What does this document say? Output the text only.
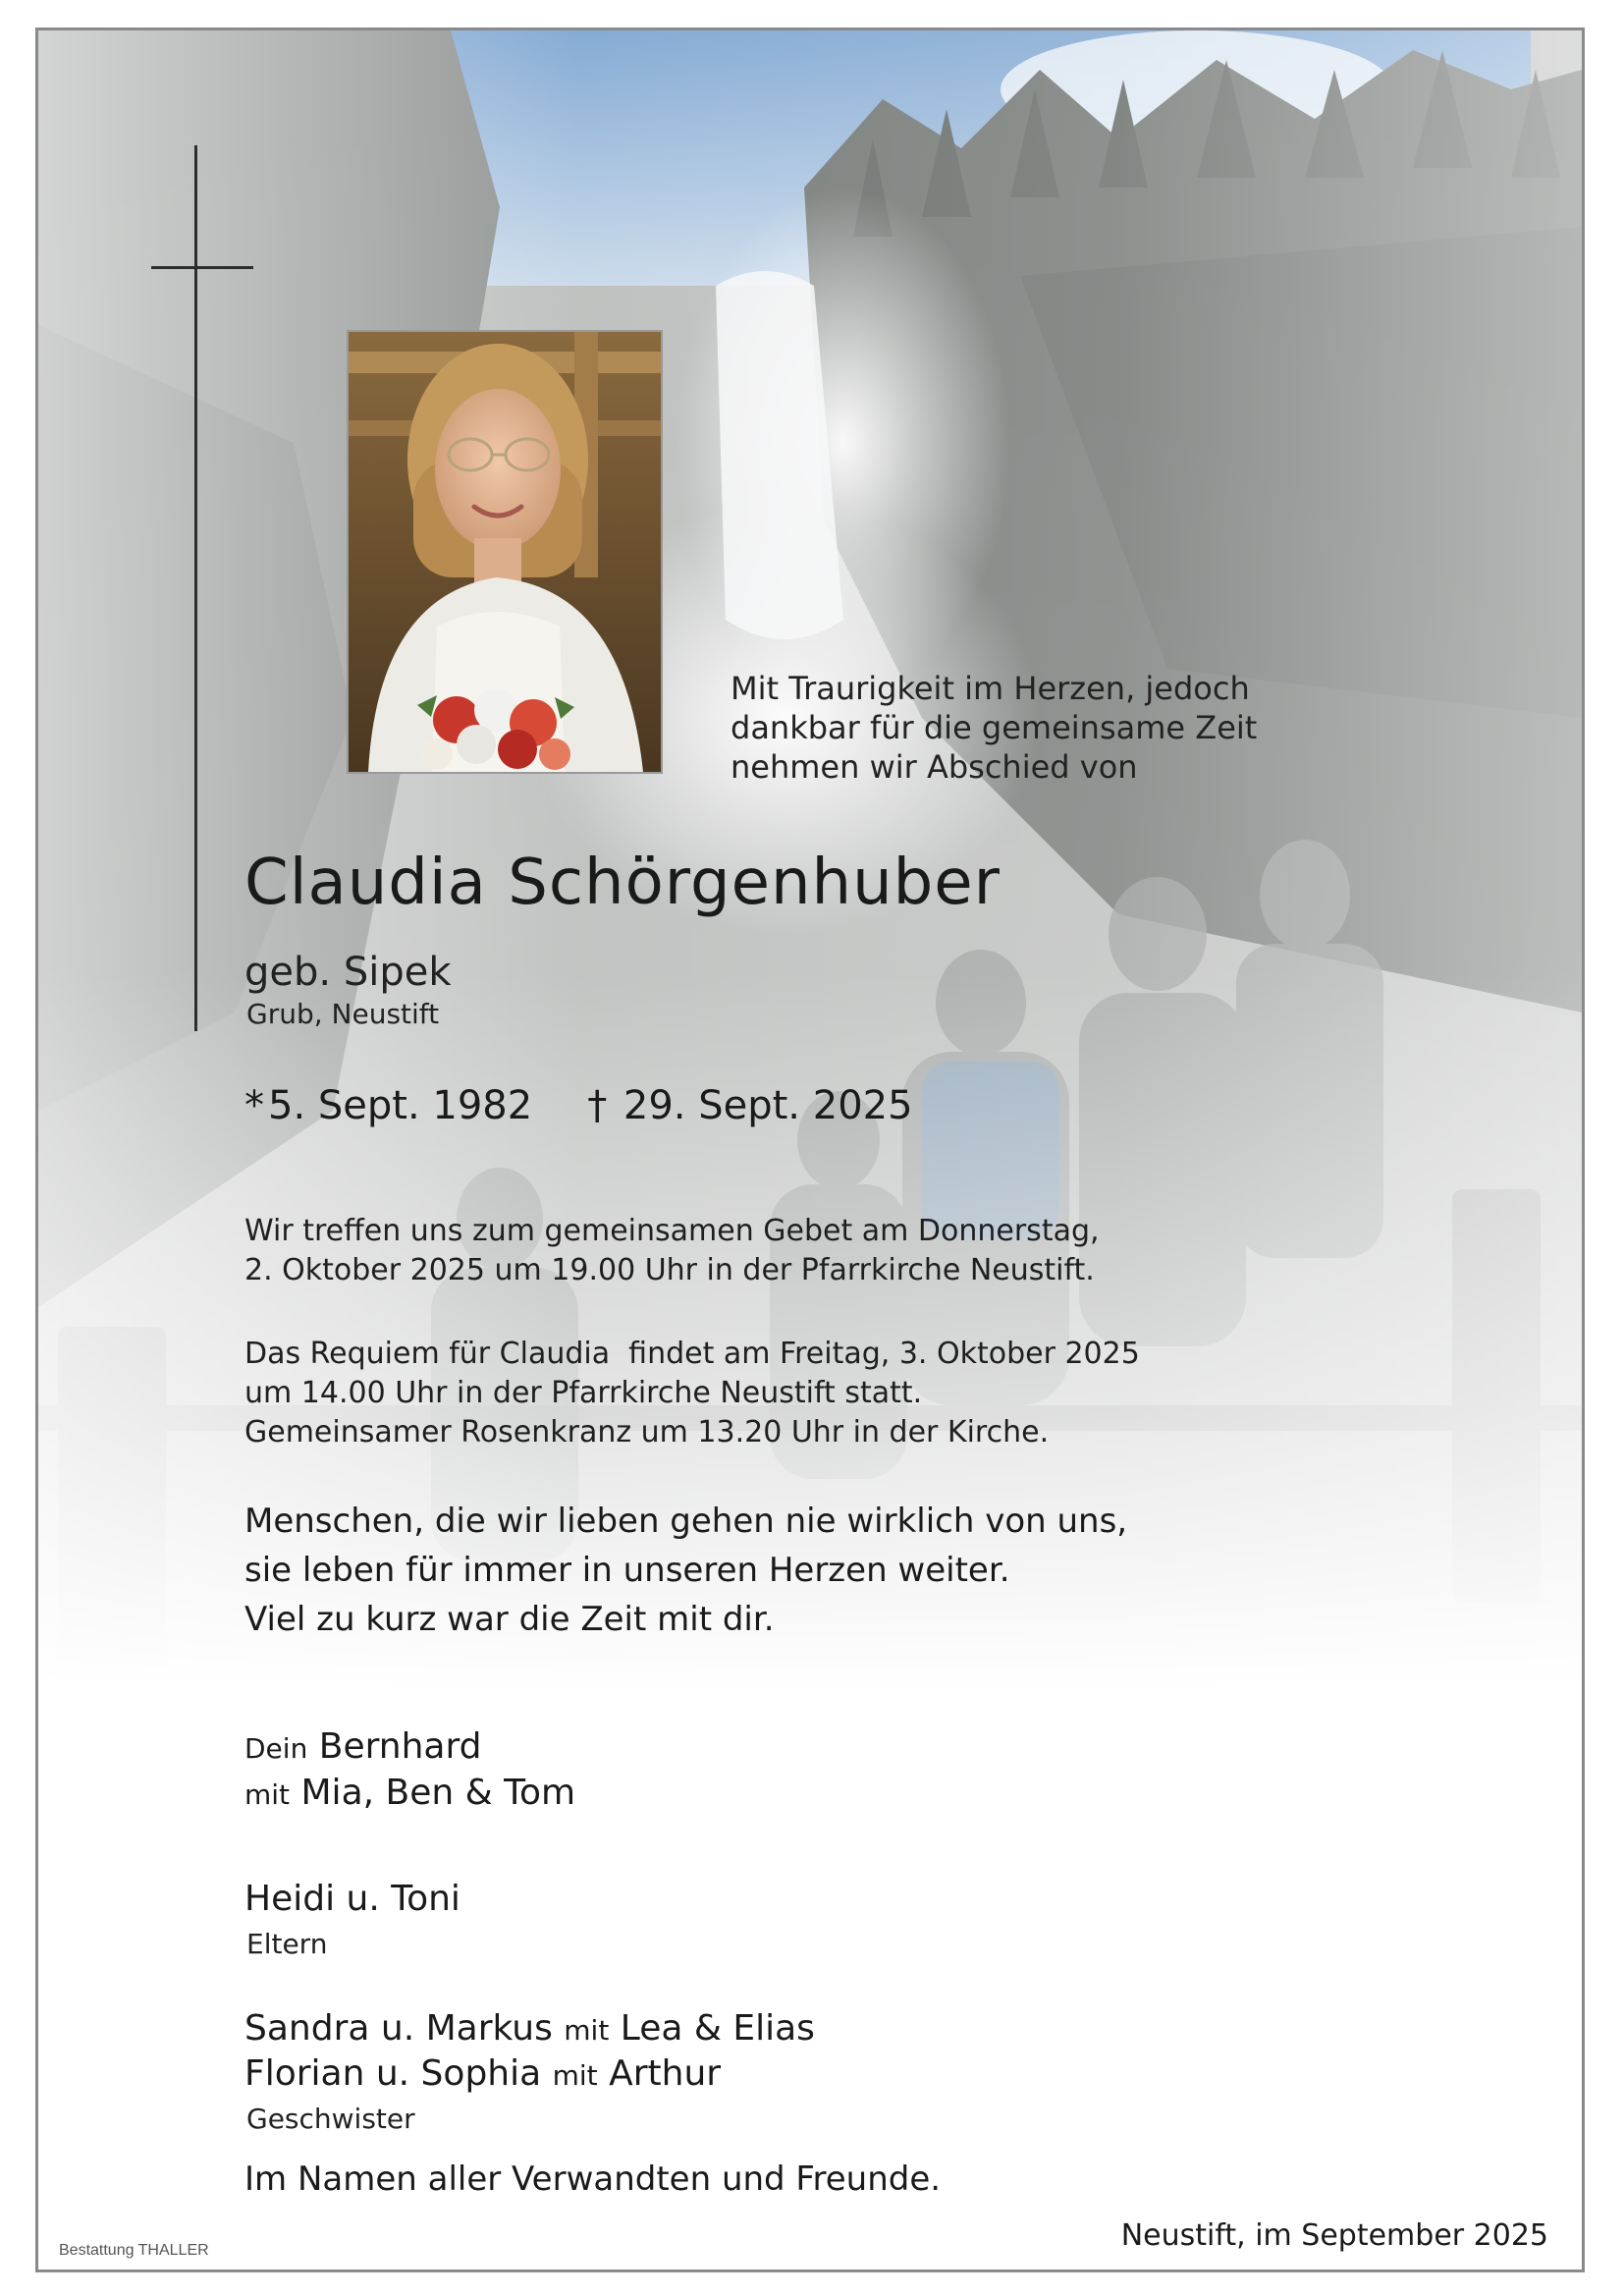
Mit Traurigkeit im Herzen, jedoch
dankbar für die gemeinsame Zeit
nehmen wir Abschied von
Claudia Schörgenhuber
geb. Sipek
Grub, Neustift
* 5. Sept. 1982 † 29. Sept. 2025
Wir treffen uns zum gemeinsamen Gebet am Donnerstag,
2. Oktober 2025 um 19.00 Uhr in der Pfarrkirche Neustift.
Das Requiem für Claudia  findet am Freitag, 3. Oktober 2025
um 14.00 Uhr in der Pfarrkirche Neustift statt.
Gemeinsamer Rosenkranz um 13.20 Uhr in der Kirche.
Menschen, die wir lieben gehen nie wirklich von uns,
sie leben für immer in unseren Herzen weiter.
Viel zu kurz war die Zeit mit dir.
Dein Bernhard
mit Mia, Ben & Tom
Heidi u. Toni
Eltern
Sandra u. Markus mit Lea & Elias
Florian u. Sophia mit Arthur
Geschwister
Im Namen aller Verwandten und Freunde.
Neustift, im September 2025
Bestattung THALLER
